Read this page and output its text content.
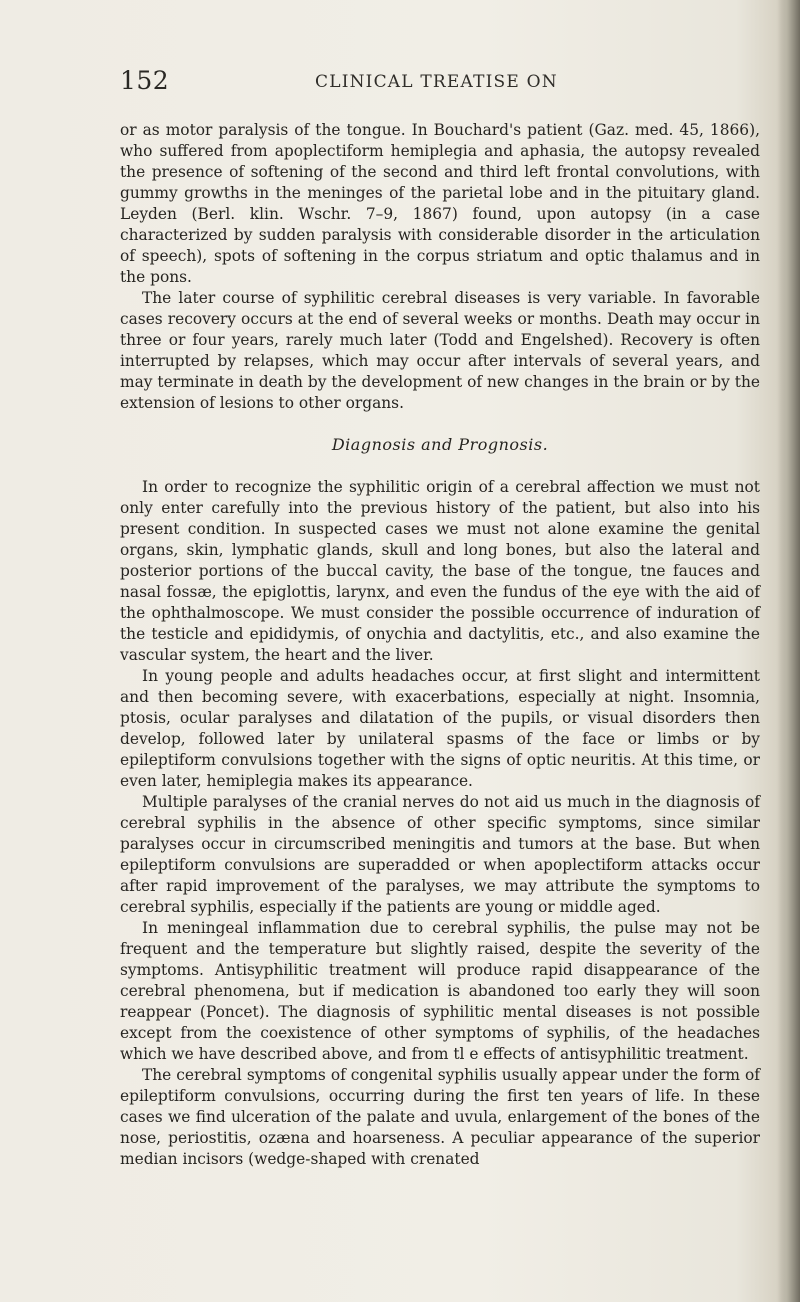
152	CLINICAL TREATISE ON

or as motor paralysis of the tongue. In Bouchard's patient (Gaz. med. 45, 1866), who suffered from apoplectiform hemiplegia and aphasia, the autopsy revealed the presence of softening of the second and third left frontal convolutions, with gummy growths in the meninges of the parietal lobe and in the pituitary gland. Leyden (Berl. klin. Wschr. 7–9, 1867) found, upon autopsy (in a case characterized by sudden paralysis with considerable disorder in the articulation of speech), spots of softening in the corpus striatum and optic thalamus and in the pons.

The later course of syphilitic cerebral diseases is very variable. In favorable cases recovery occurs at the end of several weeks or months. Death may occur in three or four years, rarely much later (Todd and Engelshed). Recovery is often interrupted by relapses, which may occur after intervals of several years, and may terminate in death by the development of new changes in the brain or by the extension of lesions to other organs.

Diagnosis and Prognosis.

In order to recognize the syphilitic origin of a cerebral affection we must not only enter carefully into the previous history of the patient, but also into his present condition. In suspected cases we must not alone examine the genital organs, skin, lymphatic glands, skull and long bones, but also the lateral and posterior portions of the buccal cavity, the base of the tongue, tne fauces and nasal fossæ, the epiglottis, larynx, and even the fundus of the eye with the aid of the ophthalmoscope. We must consider the possible occurrence of induration of the testicle and epididymis, of onychia and dactylitis, etc., and also examine the vascular system, the heart and the liver.

In young people and adults headaches occur, at first slight and intermittent and then becoming severe, with exacerbations, especially at night. Insomnia, ptosis, ocular paralyses and dilatation of the pupils, or visual disorders then develop, followed later by unilateral spasms of the face or limbs or by epileptiform convulsions together with the signs of optic neuritis. At this time, or even later, hemiplegia makes its appearance.

Multiple paralyses of the cranial nerves do not aid us much in the diagnosis of cerebral syphilis in the absence of other specific symptoms, since similar paralyses occur in circumscribed meningitis and tumors at the base. But when epileptiform convulsions are superadded or when apoplectiform attacks occur after rapid improvement of the paralyses, we may attribute the symptoms to cerebral syphilis, especially if the patients are young or middle aged.

In meningeal inflammation due to cerebral syphilis, the pulse may not be frequent and the temperature but slightly raised, despite the severity of the symptoms. Antisyphilitic treatment will produce rapid disappearance of the cerebral phenomena, but if medication is abandoned too early they will soon reappear (Poncet). The diagnosis of syphilitic mental diseases is not possible except from the coexistence of other symptoms of syphilis, of the headaches which we have described above, and from tl e effects of antisyphilitic treatment.

The cerebral symptoms of congenital syphilis usually appear under the form of epileptiform convulsions, occurring during the first ten years of life. In these cases we find ulceration of the palate and uvula, enlargement of the bones of the nose, periostitis, ozæna and hoarseness. A peculiar appearance of the superior median incisors (wedge-shaped with crenated
